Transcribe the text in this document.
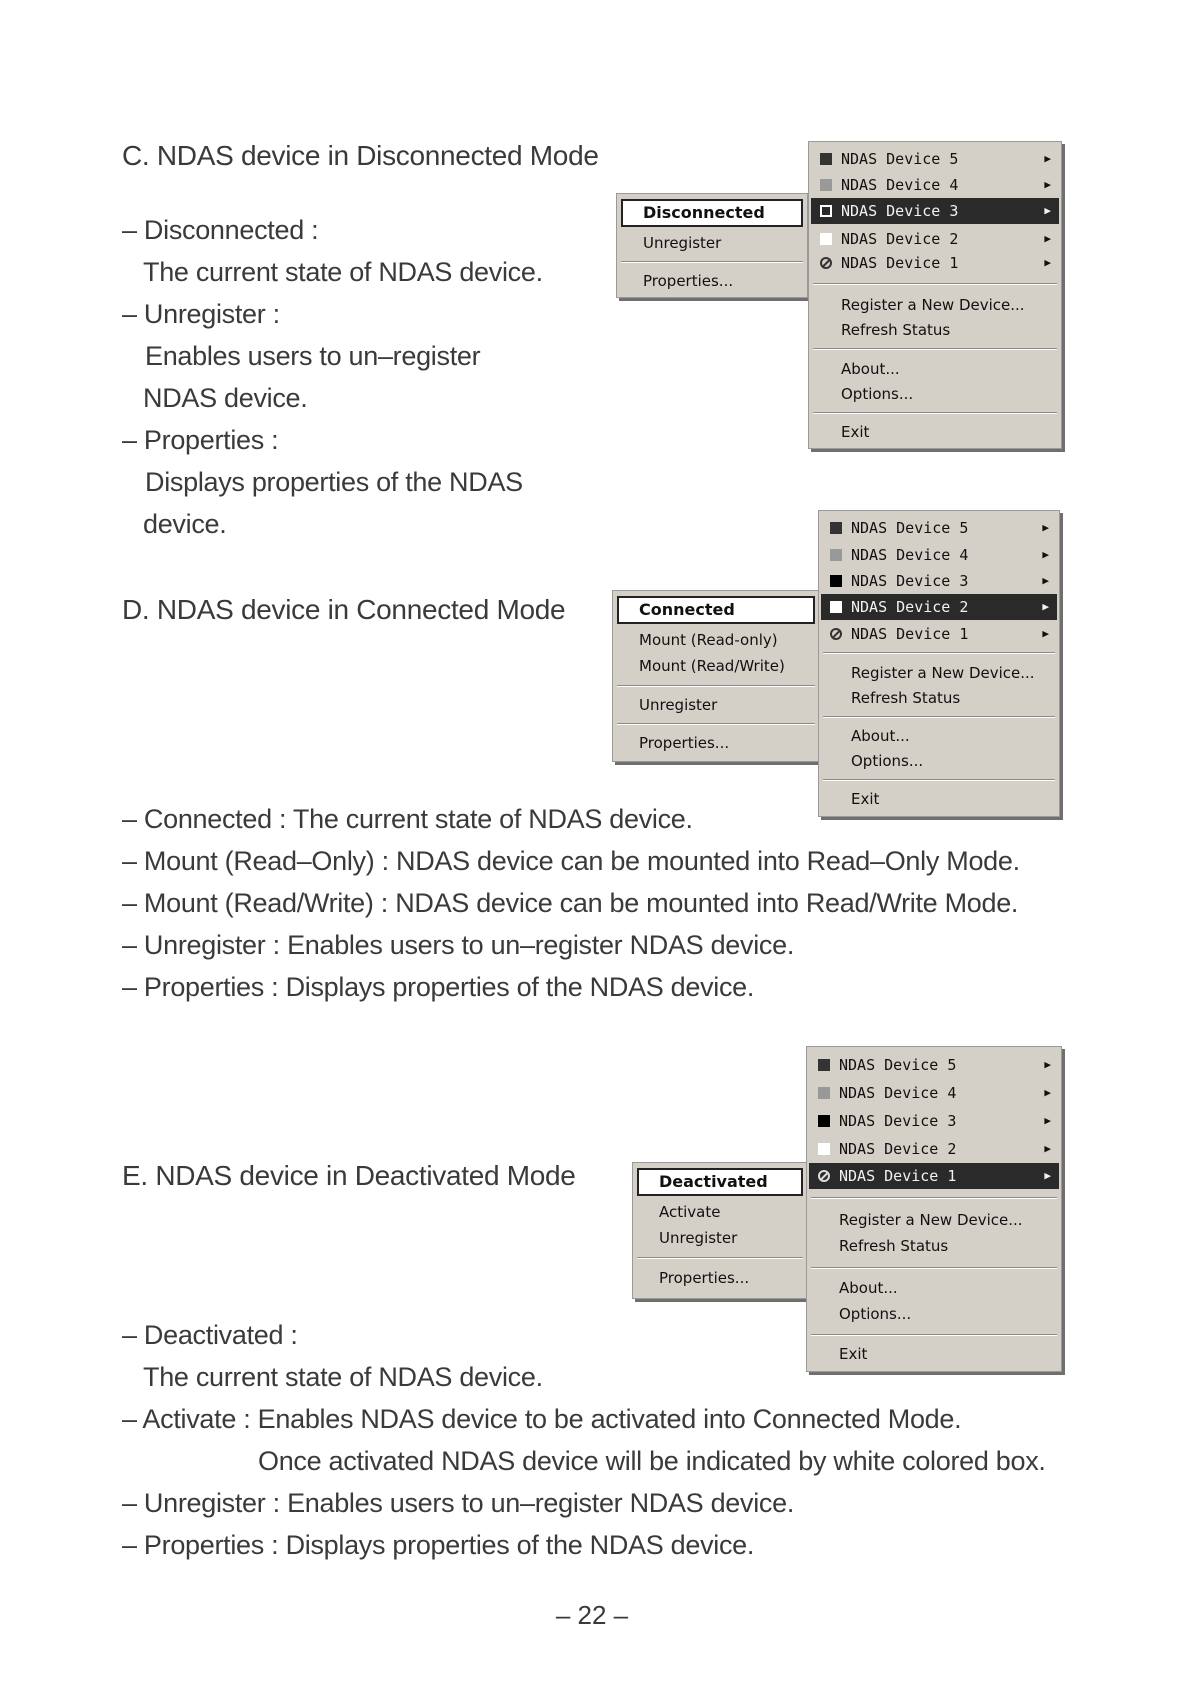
C. NDAS device in Disconnected Mode
– Disconnected :
The current state of NDAS device.
– Unregister :
Enables users to un–register
NDAS device.
– Properties :
Displays properties of the NDAS
device.
Disconnected
Unregister
Properties...
NDAS Device 5	▶
NDAS Device 4	▶
NDAS Device 3	▶
NDAS Device 2	▶
NDAS Device 1	▶
Register a New Device...
Refresh Status
About...
Options...
Exit
D. NDAS device in Connected Mode	Connected
Mount (Read-only)
Mount (Read/Write)
Unregister
Properties...
NDAS Device 5	▶
NDAS Device 4	▶
NDAS Device 3	▶
NDAS Device 2	▶
NDAS Device 1	▶
Register a New Device...
Refresh Status
About...
Options...
Exit
– Connected : The current state of NDAS device.
– Mount (Read–Only) : NDAS device can be mounted into Read–Only Mode.
– Mount (Read/Write) : NDAS device can be mounted into Read/Write Mode.
– Unregister : Enables users to un–register NDAS device.
– Properties : Displays properties of the NDAS device.
E. NDAS device in Deactivated Mode	Deactivated
Activate
Unregister
Properties...
NDAS Device 5	▶
NDAS Device 4	▶
NDAS Device 3	▶
NDAS Device 2	▶
NDAS Device 1	▶
Register a New Device...
Refresh Status
About...
Options...
Exit
– Deactivated :
The current state of NDAS device.
– Activate : Enables NDAS device to be activated into Connected Mode.
Once activated NDAS device will be indicated by white colored box.
– Unregister : Enables users to un–register NDAS device.
– Properties : Displays properties of the NDAS device.
– 22 –
